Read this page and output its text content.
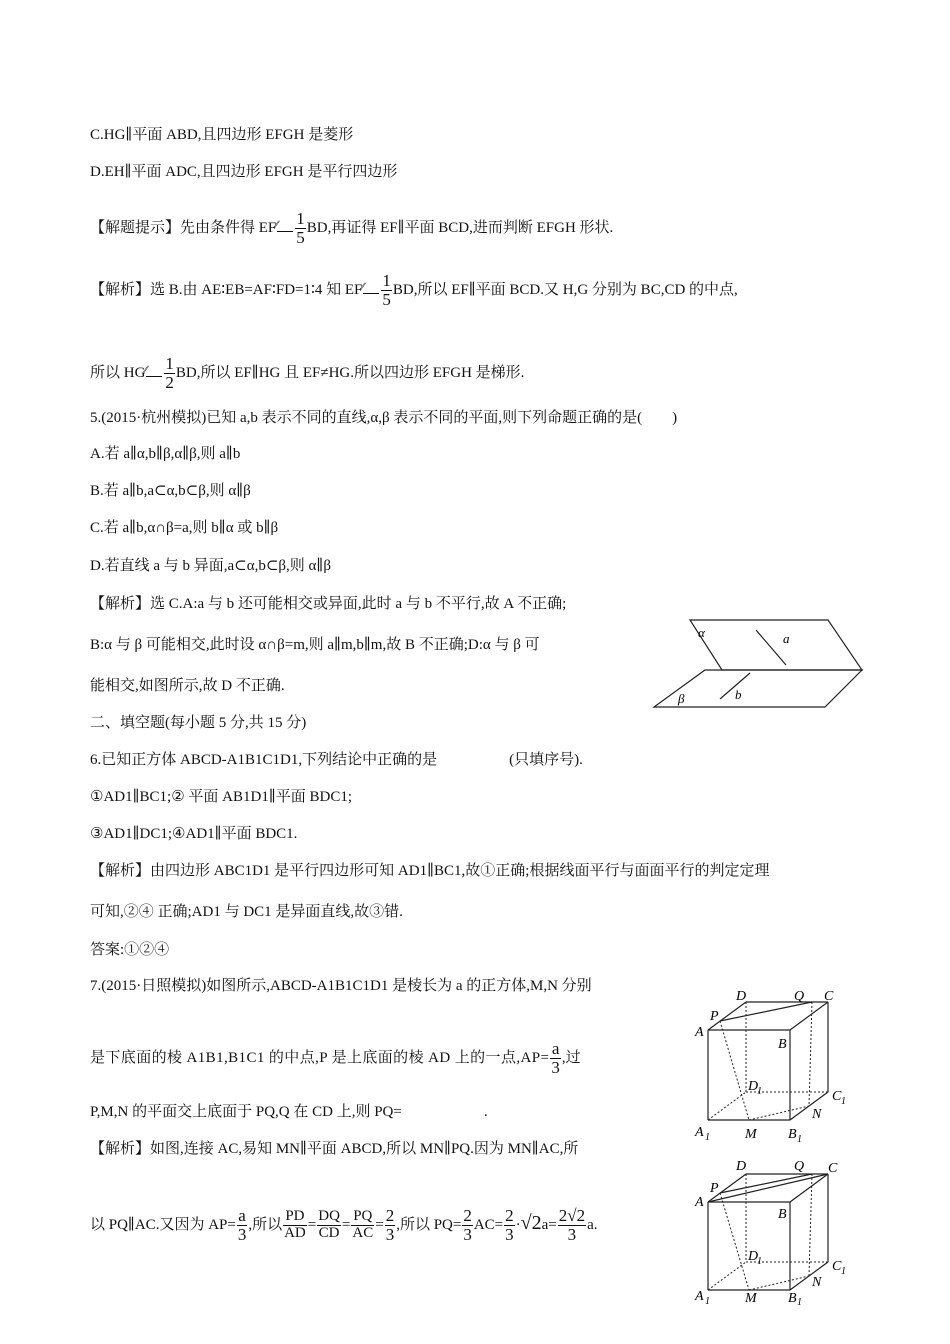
C.HG∥平面 ABD,且四边形 EFGH 是菱形
D.EH∥平面 ADC,且四边形 EFGH 是平行四边形
【解题提示】先由条件得 EF∕∕ $\frac{1}{5}$ BD,再证得 EF∥平面 BCD,进而判断 EFGH 形状.
【解析】选 B.由 AE∶EB=AF∶FD=1∶4 知 EF∕∕ $\frac{1}{5}$ BD,所以 EF∥平面 BCD.又 H,G 分别为 BC,CD 的中点,
所以 HG∕∕ $\frac{1}{2}$ BD,所以 EF∥HG 且 EF≠HG.所以四边形 EFGH 是梯形.
5.(2015·杭州模拟)已知 a,b 表示不同的直线,α,β 表示不同的平面,则下列命题正确的是(　　)
A.若 a∥α,b∥β,α∥β,则 a∥b
B.若 a∥b,a⊂α,b⊂β,则 α∥β
C.若 a∥b,α∩β=a,则 b∥α 或 b∥β
D.若直线 a 与 b 异面,a⊂α,b⊂β,则 α∥β
【解析】选 C.A:a 与 b 还可能相交或异面,此时 a 与 b 不平行,故 A 不正确;
B:α 与 β 可能相交,此时设 α∩β=m,则 a∥m,b∥m,故 B 不正确;D:α 与 β 可
能相交,如图所示,故 D 不正确.
α	a
β	b
二、填空题(每小题 5 分,共 15 分)
6.已知正方体 ABCD-A1B1C1D1,下列结论中正确的是	(只填序号).
①AD1∥BC1;② 平面 AB1D1∥平面 BDC1;
③AD1∥DC1;④AD1∥平面 BDC1.
【解析】由四边形 ABC1D1 是平行四边形可知 AD1∥BC1,故①正确;根据线面平行与面面平行的判定定理
可知,②④ 正确;AD1 与 DC1 是异面直线,故③错.
答案:①②④
7.(2015·日照模拟)如图所示,ABCD-A1B1C1D1 是棱长为 a 的正方体,M,N 分别
是下底面的棱 A1B1,B1C1 的中点,P 是上底面的棱 AD 上的一点$,AP= \frac{a}{3}$ ,过
P,M,N 的平面交上底面于 PQ,Q 在 CD 上,则 PQ=	.
【解析】如图,连接 AC,易知 MN∥平面 ABCD,所以 MN∥PQ.因为 MN∥AC,所
以 PQ∥AC.又因为 $AP= \frac{a}{3}$ ,所以 $\frac{PD}{AD} = \frac{DQ}{CD} = \frac{PQ}{AC} = \frac{2}{3}$ ,所以 $PQ= \frac{2}{3} AC= \frac{2}{3} \cdot√2a= \frac{2√2}{3} a$.
D	C
Q
P
A
B
D
1	C 1
N
A 1	M B 1
D	C
Q
P
A
B
D
1	C 1
N
A 1	M B 1
